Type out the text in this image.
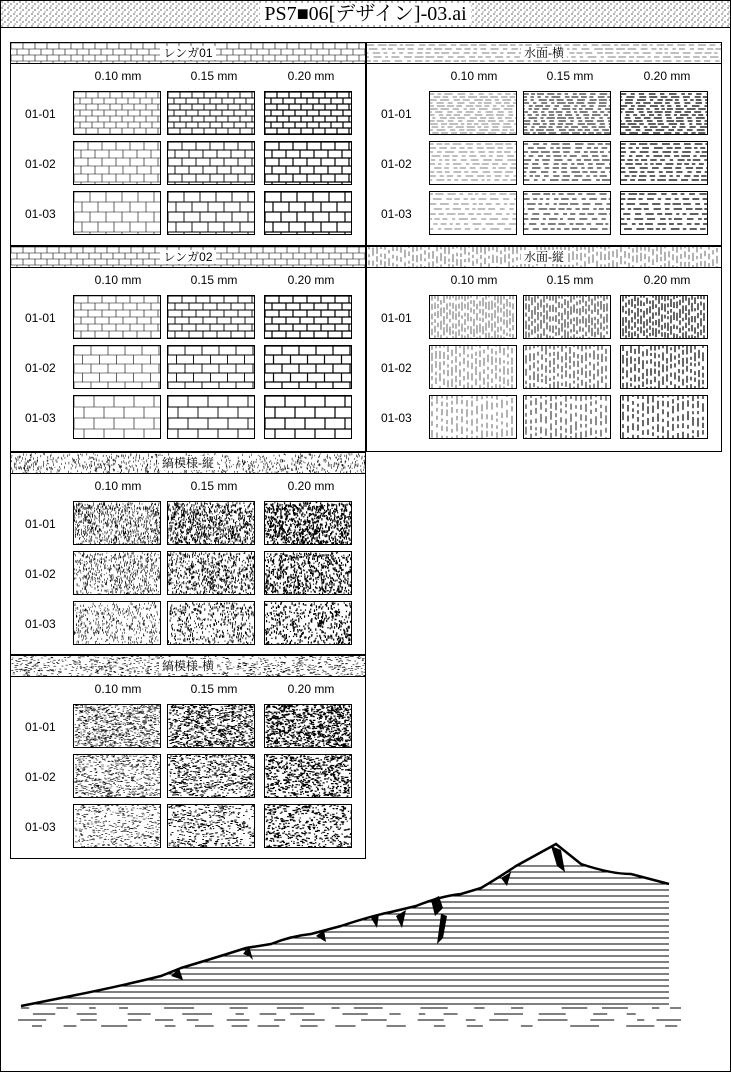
PS7■06[デザイン]-03.ai
レンガ01
0.10 mm	0.15 mm	0.20 mm
01-01
01-02
01-03
水面-横
0.10 mm	0.15 mm	0.20 mm
01-01
01-02
01-03
レンガ02
0.10 mm	0.15 mm	0.20 mm
01-01
01-02
01-03
水面-縦
0.10 mm	0.15 mm	0.20 mm
01-01
01-02
01-03
縞模様-縦
0.10 mm	0.15 mm	0.20 mm
01-01
01-02
01-03
縞模様-横
0.10 mm	0.15 mm	0.20 mm
01-01
01-02
01-03
